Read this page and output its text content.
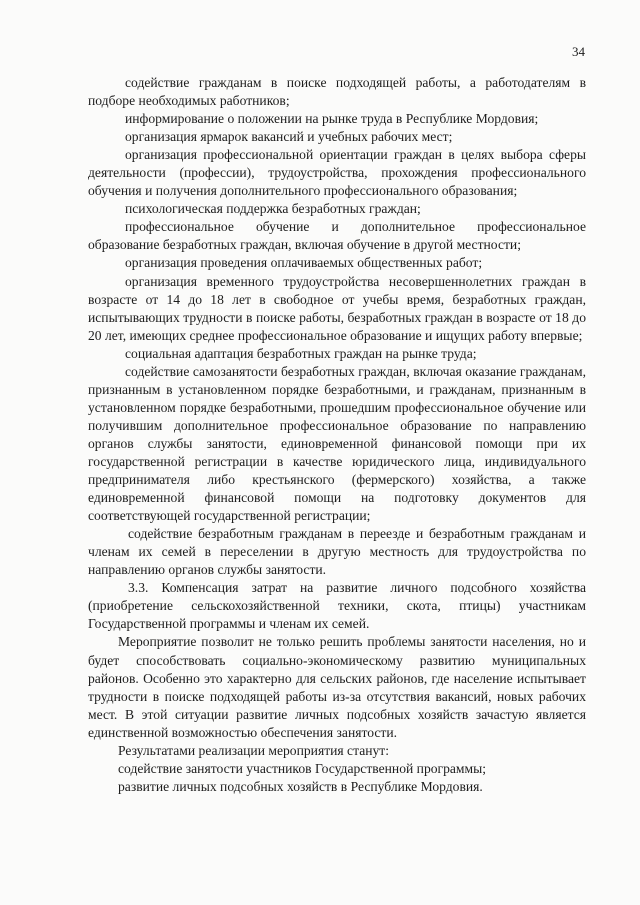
34

содействие гражданам в поиске подходящей работы, а работодателям в подборе необходимых работников;

информирование о положении на рынке труда в Республике Мордовия;

организация ярмарок вакансий и учебных рабочих мест;

организация профессиональной ориентации граждан в целях выбора сферы деятельности (профессии), трудоустройства, прохождения профессионального обучения и получения дополнительного профессионального образования;

психологическая поддержка безработных граждан;

профессиональное обучение и дополнительное профессиональное образование безработных граждан, включая обучение в другой местности;

организация проведения оплачиваемых общественных работ;

организация временного трудоустройства несовершеннолетних граждан в возрасте от 14 до 18 лет в свободное от учебы время, безработных граждан, испытывающих трудности в поиске работы, безработных граждан в возрасте от 18 до 20 лет, имеющих среднее профессиональное образование и ищущих работу впервые;

социальная адаптация безработных граждан на рынке труда;

содействие самозанятости безработных граждан, включая оказание гражданам, признанным в установленном порядке безработными, и гражданам, признанным в установленном порядке безработными, прошедшим профессиональное обучение или получившим дополнительное профессиональное образование по направлению органов службы занятости, единовременной финансовой помощи при их государственной регистрации в качестве юридического лица, индивидуального предпринимателя либо крестьянского (фермерского) хозяйства, а также единовременной финансовой помощи на подготовку документов для соответствующей государственной регистрации;

содействие безработным гражданам в переезде и безработным гражданам и членам их семей в переселении в другую местность для трудоустройства по направлению органов службы занятости.

3.3. Компенсация затрат на развитие личного подсобного хозяйства (приобретение сельскохозяйственной техники, скота, птицы) участникам Государственной программы и членам их семей.

Мероприятие позволит не только решить проблемы занятости населения, но и будет способствовать социально-экономическому развитию муниципальных районов. Особенно это характерно для сельских районов, где население испытывает трудности в поиске подходящей работы из-за отсутствия вакансий, новых рабочих мест. В этой ситуации развитие личных подсобных хозяйств зачастую является единственной возможностью обеспечения занятости.

Результатами реализации мероприятия станут:

содействие занятости участников Государственной программы;

развитие личных подсобных хозяйств в Республике Мордовия.
